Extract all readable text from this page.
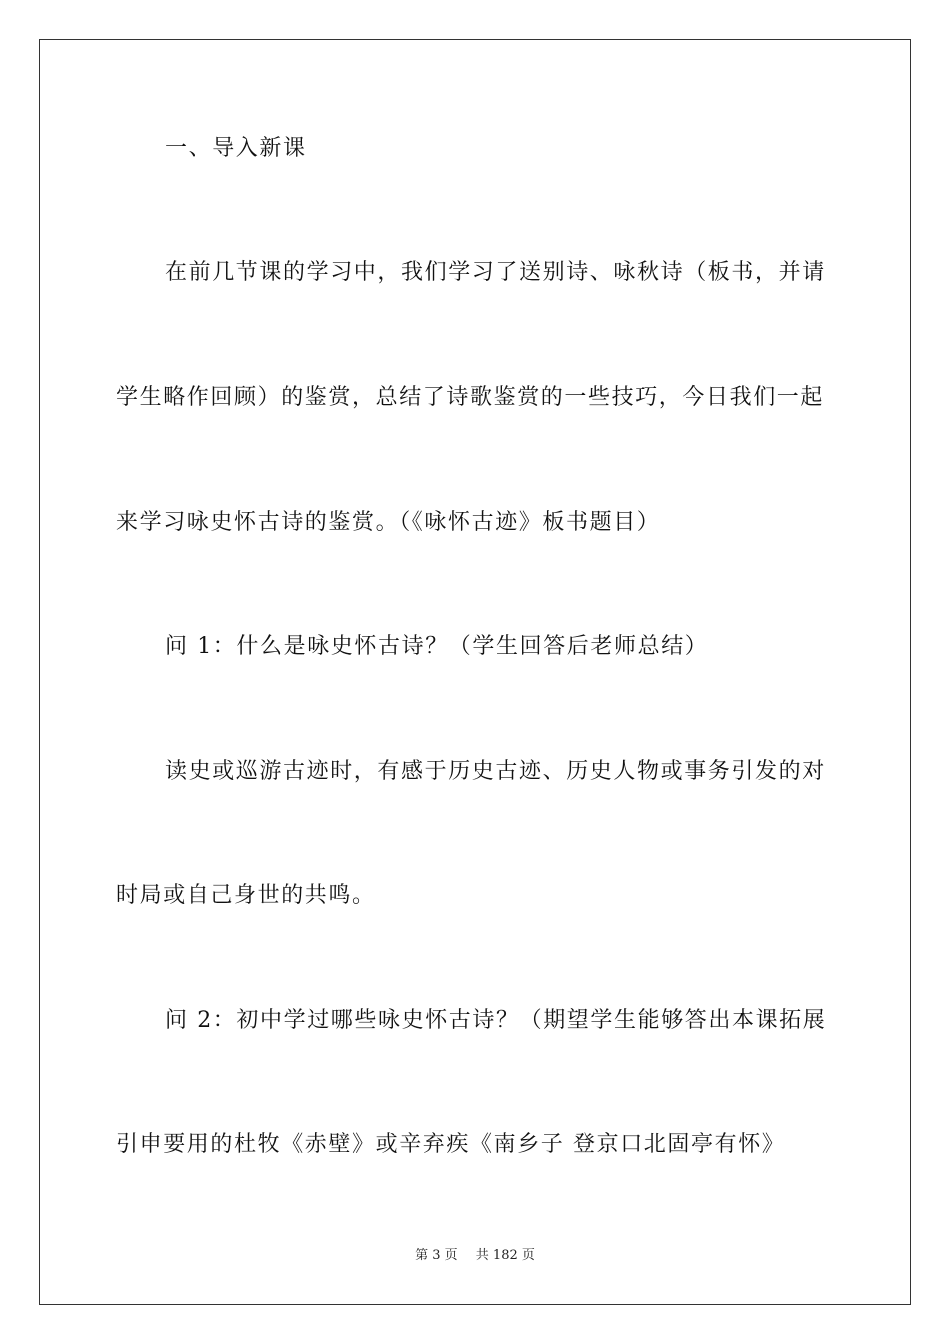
一、导入新课
在前几节课的学习中，我们学习了送别诗、咏秋诗（板书，并请
学生略作回顾）的鉴赏，总结了诗歌鉴赏的一些技巧，今日我们一起
来学习咏史怀古诗的鉴赏。（《咏怀古迹》板书题目）
问 1：什么是咏史怀古诗？（学生回答后老师总结）
读史或巡游古迹时，有感于历史古迹、历史人物或事务引发的对
时局或自己身世的共鸣。
问 2：初中学过哪些咏史怀古诗？（期望学生能够答出本课拓展
引申要用的杜牧《赤壁》或辛弃疾《南乡子 登京口北固亭有怀》
第 3 页 共 182 页
